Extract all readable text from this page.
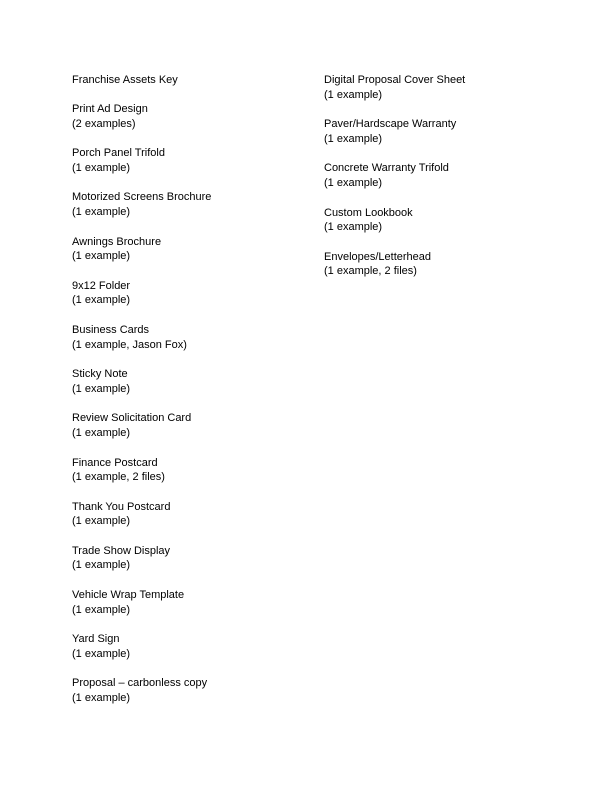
Franchise Assets Key
Print Ad Design
(2 examples)
Porch Panel Trifold
(1 example)
Motorized Screens Brochure
(1 example)
Awnings Brochure
(1 example)
9x12 Folder
(1 example)
Business Cards
(1 example, Jason Fox)
Sticky Note
(1 example)
Review Solicitation Card
(1 example)
Finance Postcard
(1 example, 2 files)
Thank You Postcard
(1 example)
Trade Show Display
(1 example)
Vehicle Wrap Template
(1 example)
Yard Sign
(1 example)
Proposal – carbonless copy
(1 example)
Digital Proposal Cover Sheet
(1 example)
Paver/Hardscape Warranty
(1 example)
Concrete Warranty Trifold
(1 example)
Custom Lookbook
(1 example)
Envelopes/Letterhead
(1 example, 2 files)
